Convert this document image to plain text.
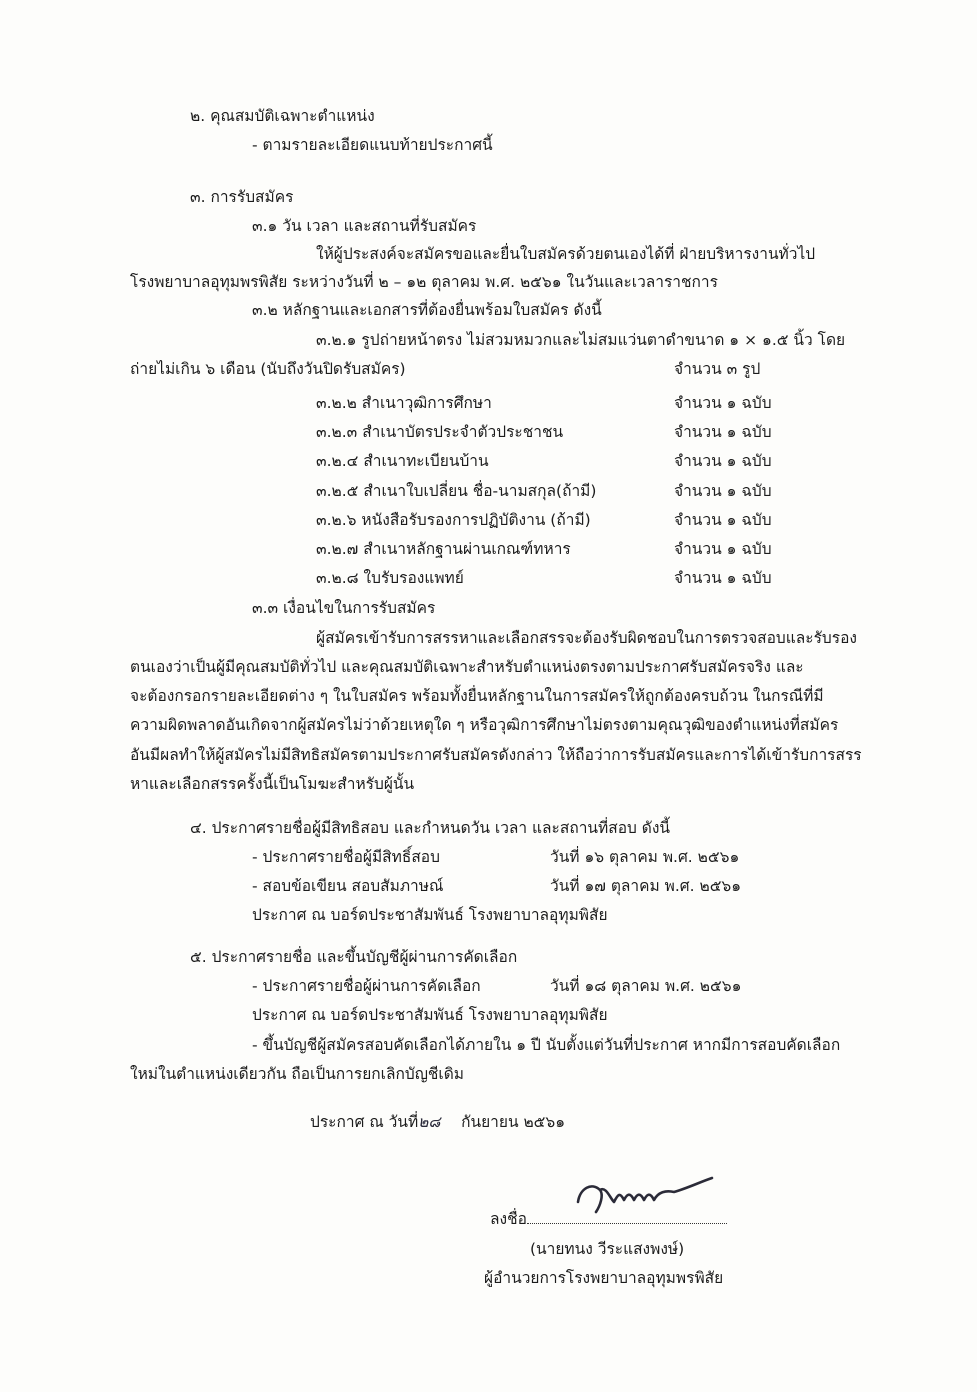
๒. คุณสมบัติเฉพาะตำแหน่ง
- ตามรายละเอียดแนบท้ายประกาศนี้
๓. การรับสมัคร
๓.๑ วัน เวลา และสถานที่รับสมัคร
ให้ผู้ประสงค์จะสมัครขอและยื่นใบสมัครด้วยตนเองได้ที่ ฝ่ายบริหารงานทั่วไป
โรงพยาบาลอุทุมพรพิสัย ระหว่างวันที่ ๒ – ๑๒ ตุลาคม พ.ศ. ๒๕๖๑ ในวันและเวลาราชการ
๓.๒ หลักฐานและเอกสารที่ต้องยื่นพร้อมใบสมัคร ดังนี้
๓.๒.๑ รูปถ่ายหน้าตรง ไม่สวมหมวกและไม่สมแว่นตาดำขนาด ๑ × ๑.๕ นิ้ว โดย
ถ่ายไม่เกิน ๖ เดือน (นับถึงวันปิดรับสมัคร)	จำนวน ๓ รูป
๓.๒.๒ สำเนาวุฒิการศึกษา	จำนวน ๑ ฉบับ
๓.๒.๓ สำเนาบัตรประจำตัวประชาชน	จำนวน ๑ ฉบับ
๓.๒.๔ สำเนาทะเบียนบ้าน	จำนวน ๑ ฉบับ
๓.๒.๕ สำเนาใบเปลี่ยน ชื่อ-นามสกุล(ถ้ามี)	จำนวน ๑ ฉบับ
๓.๒.๖ หนังสือรับรองการปฏิบัติงาน (ถ้ามี)	จำนวน ๑ ฉบับ
๓.๒.๗ สำเนาหลักฐานผ่านเกณฑ์ทหาร	จำนวน ๑ ฉบับ
๓.๒.๘ ใบรับรองแพทย์	จำนวน ๑ ฉบับ
๓.๓ เงื่อนไขในการรับสมัคร
ผู้สมัครเข้ารับการสรรหาและเลือกสรรจะต้องรับผิดชอบในการตรวจสอบและรับรอง
ตนเองว่าเป็นผู้มีคุณสมบัติทั่วไป และคุณสมบัติเฉพาะสำหรับตำแหน่งตรงตามประกาศรับสมัครจริง และ
จะต้องกรอกรายละเอียดต่าง ๆ ในใบสมัคร พร้อมทั้งยื่นหลักฐานในการสมัครให้ถูกต้องครบถ้วน ในกรณีที่มี
ความผิดพลาดอันเกิดจากผู้สมัครไม่ว่าด้วยเหตุใด ๆ หรือวุฒิการศึกษาไม่ตรงตามคุณวุฒิของตำแหน่งที่สมัคร
อันมีผลทำให้ผู้สมัครไม่มีสิทธิสมัครตามประกาศรับสมัครดังกล่าว ให้ถือว่าการรับสมัครและการได้เข้ารับการสรร
หาและเลือกสรรครั้งนี้เป็นโมฆะสำหรับผู้นั้น
๔. ประกาศรายชื่อผู้มีสิทธิสอบ และกำหนดวัน เวลา และสถานที่สอบ ดังนี้
- ประกาศรายชื่อผู้มีสิทธิ์สอบ	วันที่ ๑๖ ตุลาคม พ.ศ. ๒๕๖๑
- สอบข้อเขียน สอบสัมภาษณ์	วันที่ ๑๗ ตุลาคม พ.ศ. ๒๕๖๑
ประกาศ ณ บอร์ดประชาสัมพันธ์ โรงพยาบาลอุทุมพิสัย
๕. ประกาศรายชื่อ และขึ้นบัญชีผู้ผ่านการคัดเลือก
- ประกาศรายชื่อผู้ผ่านการคัดเลือก	วันที่ ๑๘ ตุลาคม พ.ศ. ๒๕๖๑
ประกาศ ณ บอร์ดประชาสัมพันธ์ โรงพยาบาลอุทุมพิสัย
- ขึ้นบัญชีผู้สมัครสอบคัดเลือกได้ภายใน ๑ ปี นับตั้งแต่วันที่ประกาศ หากมีการสอบคัดเลือก
ใหม่ในตำแหน่งเดียวกัน ถือเป็นการยกเลิกบัญชีเดิม
ประกาศ ณ วันที่๒๘ กันยายน ๒๕๖๑
ลงชื่อ
(นายทนง วีระแสงพงษ์)
ผู้อำนวยการโรงพยาบาลอุทุมพรพิสัย
